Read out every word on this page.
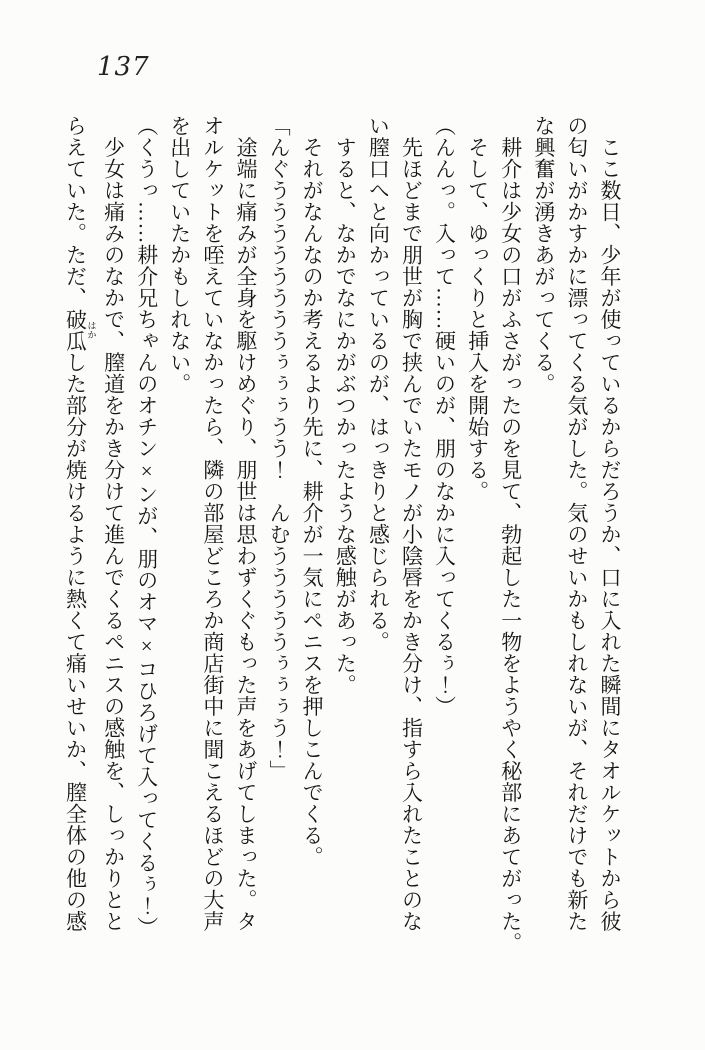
137

　ここ数日、少年が使っているからだろうか、口に入れた瞬間にタオルケットから彼

の匂いがかすかに漂ってくる気がした。気のせいかもしれないが、それだけでも新た

な興奮が湧きあがってくる。

　耕介は少女の口がふさがったのを見て、勃起した一物をようやく秘部にあてがった。

　そして、ゆっくりと挿入を開始する。

（んんっ。入って……硬いのが、朋のなかに入ってくるぅ！）

　先ほどまで朋世が胸で挟んでいたモノが小陰唇をかき分け、指すら入れたことのな

い膣口へと向かっているのが、はっきりと感じられる。

　すると、なかでなにかがぶつかったような感触があった。

　それがなんなのか考えるより先に、耕介が一気にペニスを押しこんでくる。

「んぐううううううううぅぅぅうう！　んむうううううぅぅぅう！」

　途端に痛みが全身を駆けめぐり、朋世は思わずくぐもった声をあげてしまった。タ

オルケットを咥えていなかったら、隣の部屋どころか商店街中に聞こえるほどの大声

を出していたかもしれない。

（くうっ……耕介兄ちゃんのオチン×ンが、朋のオマ×コひろげて入ってくるぅ！）

　少女は痛みのなかで、膣道をかき分けて進んでくるペニスの感触を、しっかりとと

らえていた。ただ、破瓜 はかした部分が焼けるように熱くて痛いせいか、膣全体の他の感
